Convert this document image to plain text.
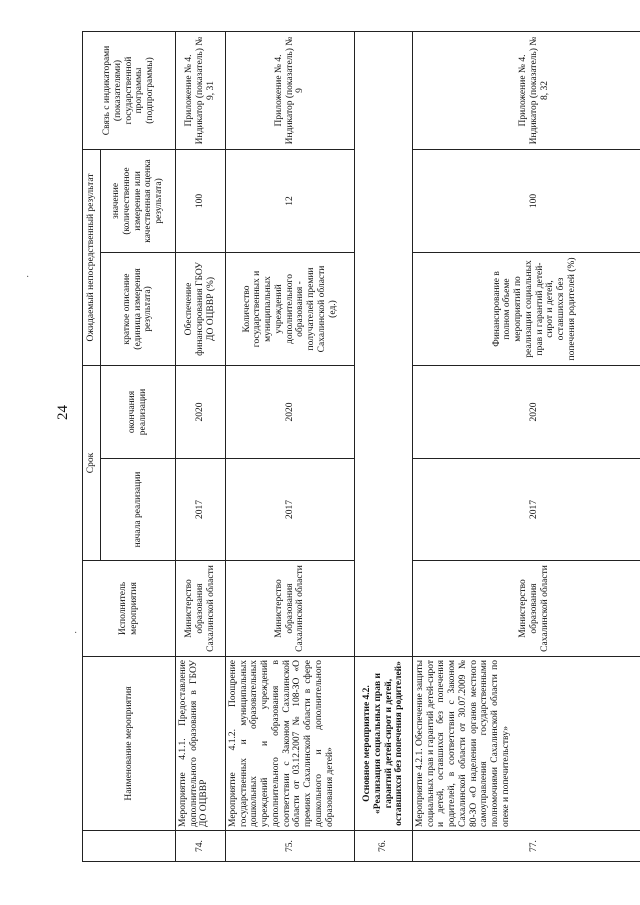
24
	Наименование мероприятия	Исполнитель мероприятия	Срок		Ожидаемый непосредственный результат		Связь с индикаторами (показателями) государственной программы (подпрограммы)
			начала реализации	окончания реализации	краткое описание (единица измерения результата)	значение (количественное измерение или качественная оценка результата)	
74.	Мероприятие 4.1.1. Предоставление дополнительного образования в ГБОУ ДО ОЦВВР	Министерство образования Сахалинской области	2017	2020	Обеспечение финансирования ГБОУ ДО ОЦВВР (%)	100	Приложение № 4. Индикатор (показатель) № 9, 31
75.	Мероприятие 4.1.2. Поощрение государственных и муниципальных дошкольных образовательных учреждений и учреждений дополнительного образования в соответствии с Законом Сахалинской области от 03.12.2007 № 108-ЗО «О премиях Сахалинской области в сфере дошкольного и дополнительного образования детей»	Министерство образования Сахалинской области	2017	2020	Количество государственных и муниципальных учреждений дополнительного образования - получателей премии Сахалинской области (ед.)	12	Приложение № 4. Индикатор (показатель) № 9
76.	Основное мероприятие 4.2. «Реализация социальных прав и гарантий детей-сирот и детей, оставшихся без попечения родителей»						
77.	Мероприятие 4.2.1. Обеспечение защиты социальных прав и гарантий детей-сирот и детей, оставшихся без попечения родителей, в соответствии с Законом Сахалинской области от 30.07.2009 № 80-ЗО «О наделении органов местного самоуправления государственными полномочиями Сахалинской области по опеке и попечительству»	Министерство образования Сахалинской области	2017	2020	Финансирование в полном объеме мероприятий по реализации социальных прав и гарантий детей-сирот и детей, оставшихся без попечения родителей (%)	100	Приложение № 4. Индикатор (показатель) № 8, 32
·
·
